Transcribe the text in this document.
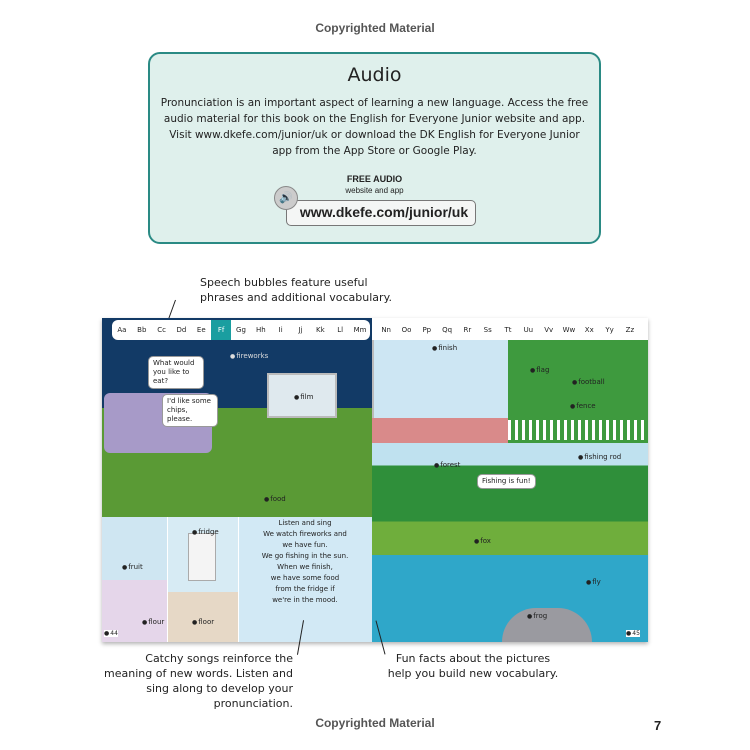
Copyrighted Material
Audio
Pronunciation is an important aspect of learning a new language. Access the free audio material for this book on the English for Everyone Junior website and app. Visit www.dkefe.com/junior/uk or download the DK English for Everyone Junior app from the App Store or Google Play.
FREE AUDIO
website and app
www.dkefe.com/junior/uk
🔊
Speech bubbles feature useful phrases and additional vocabulary.
Aa	Bb	Cc	Dd	Ee	Ff	Gg	Hh	Ii	Jj	Kk	Ll	Mm	Nn	Oo	Pp	Qq	Rr	Ss	Tt	Uu	Vv	Ww	Xx	Yy	Zz
What would you like to eat?
I'd like some chips, please.
Fishing is fun!
● fireworks
● film
● food
● fruit
● fridge
● flour	● floor
● finish
● flag
● football
● fence
● forest
● fishing rod
● fox
● fly
● frog
Listen and sing
We watch fireworks and
we have fun.
We go fishing in the sun.
When we finish,
we have some food
from the fridge if
we're in the mood.
● 44	● 45
Catchy songs reinforce the meaning of new words. Listen and sing along to develop your pronunciation.
Fun facts about the pictures help you build new vocabulary.
Copyrighted Material	7
